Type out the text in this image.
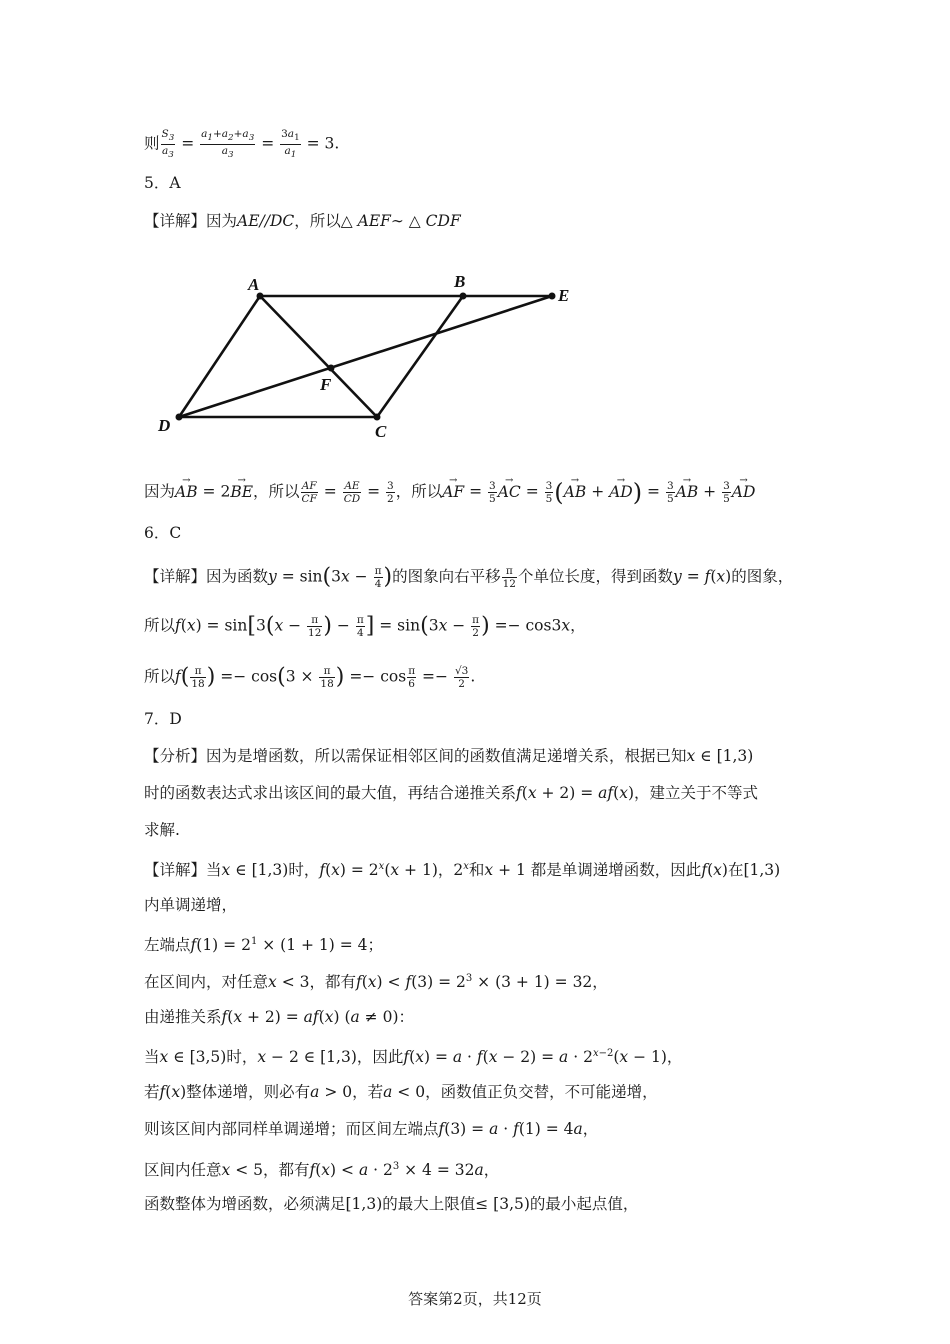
则 $\frac{S_3}{a_3} = \frac{a_1+a_2+a_3}{a_3} = \frac{3a_1}{a_1} = 3$.
5．A
【详解】因为AE//DC，所以△ AEF∼ △ CDF
A	B
E
F
D	C
因为→ AB = 2→ BE，所以 $\frac{AF}{CF} = \frac{AE}{CD} = \frac{3}{2}$ ，所以→ AF = $\frac{3}{5}$ → AC = $\frac{3}{5}$ (→ AB + → $AD) = \frac{3}{5}$ → AB + $\frac{3}{5}$ → AD
6．C
【详解】因为函数$y = \sin(3x - \frac{\pi}{4}$ )的图象向右平移 $\frac{\pi}{12}$ 个单位长度，得到函数y = f(x)的图象，
所以$f(x) = \sin[3(x - \frac{\pi}{12}$ ) − $\frac{\pi}{4}$ ] = $\sin(3x - \frac{\pi}{2}$ ) =− cos3x，
所以$f( \frac{\pi}{18}$ ) =− $\cos(3 \times \frac{\pi}{18}$ ) =− $\cos \frac{\pi}{6} =- \frac{√3}{2}$ .
7．D
【分析】因为是增函数，所以需保证相邻区间的函数值满足递增关系，根据已知x ∈ [1,3)
时的函数表达式求出该区间的最大值，再结合递推关系f(x + 2) = af(x)，建立关于不等式
求解.
【详解】当x ∈ [1,3)时，$f(x) = 2^x(x + 1)$，2$^x$和x + 1 都是单调递增函数，因此f(x)在[1,3)
内单调递增，
左端点$f(1) = 2^1 \times (1 + 1) = 4$；
在区间内，对任意x < 3，都有$f(x) < f(3) = 2^3 \times (3 + 1) = 32$，
由递推关系f(x + 2) = af(x) (a ≠ 0)：
当x ∈ [3,5)时，x − 2 ∈ [1,3)，因此$f(x) = a \cdot f(x - 2) = a \cdot 2^{x-2}(x - 1)$，
若f(x)整体递增，则必有a > 0，若a < 0，函数值正负交替，不可能递增，
则该区间内部同样单调递增；而区间左端点f(3) = a · f(1) = 4a，
区间内任意x < 5，都有$f(x) < a \cdot 2^3 \times 4 = 32a$，
函数整体为增函数，必须满足[1,3)的最大上限值≤ [3,5)的最小起点值，
答案第2页，共12页
